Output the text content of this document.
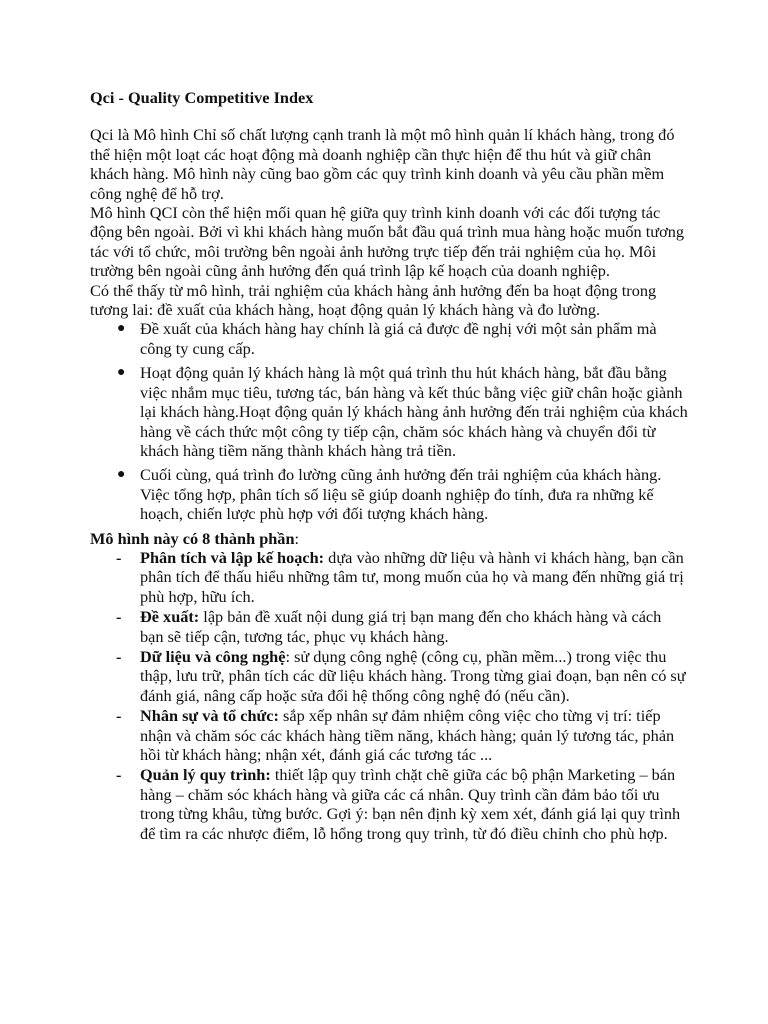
Qci - Quality Competitive Index

Qci là Mô hình Chỉ số chất lượng cạnh tranh là một mô hình quản lí khách hàng, trong đó thể hiện một loạt các hoạt động mà doanh nghiệp cần thực hiện để thu hút và giữ chân khách hàng. Mô hình này cũng bao gồm các quy trình kinh doanh và yêu cầu phần mềm công nghệ để hỗ trợ.

Mô hình QCI còn thể hiện mối quan hệ giữa quy trình kinh doanh với các đối tượng tác động bên ngoài. Bởi vì khi khách hàng muốn bắt đầu quá trình mua hàng hoặc muốn tương tác với tổ chức, môi trường bên ngoài ảnh hưởng trực tiếp đến trải nghiệm của họ. Môi trường bên ngoài cũng ảnh hưởng đến quá trình lập kế hoạch của doanh nghiệp.

Có thể thấy từ mô hình, trải nghiệm của khách hàng ảnh hưởng đến ba hoạt động trong tương lai: đề xuất của khách hàng, hoạt động quản lý khách hàng và đo lường.

● Đề xuất của khách hàng hay chính là giá cả được đề nghị với một sản phẩm mà công ty cung cấp.
● Hoạt động quản lý khách hàng là một quá trình thu hút khách hàng, bắt đầu bằng việc nhắm mục tiêu, tương tác, bán hàng và kết thúc bằng việc giữ chân hoặc giành lại khách hàng.Hoạt động quản lý khách hàng ảnh hưởng đến trải nghiệm của khách hàng về cách thức một công ty tiếp cận, chăm sóc khách hàng và chuyển đổi từ khách hàng tiềm năng thành khách hàng trả tiền.
● Cuối cùng, quá trình đo lường cũng ảnh hưởng đến trải nghiệm của khách hàng. Việc tổng hợp, phân tích số liệu sẽ giúp doanh nghiệp đo tính, đưa ra những kế hoạch, chiến lược phù hợp với đối tượng khách hàng.
Mô hình này có 8 thành phần:
- Phân tích và lập kế hoạch: dựa vào những dữ liệu và hành vi khách hàng, bạn cần phân tích để thấu hiểu những tâm tư, mong muốn của họ và mang đến những giá trị phù hợp, hữu ích.
- Đề xuất: lập bản đề xuất nội dung giá trị bạn mang đến cho khách hàng và cách bạn sẽ tiếp cận, tương tác, phục vụ khách hàng.
- Dữ liệu và công nghệ: sử dụng công nghệ (công cụ, phần mềm...) trong việc thu thập, lưu trữ, phân tích các dữ liệu khách hàng. Trong từng giai đoạn, bạn nên có sự đánh giá, nâng cấp hoặc sửa đổi hệ thống công nghệ đó (nếu cần).
- Nhân sự và tổ chức: sắp xếp nhân sự đảm nhiệm công việc cho từng vị trí: tiếp nhận và chăm sóc các khách hàng tiềm năng, khách hàng; quản lý tương tác, phản hồi từ khách hàng; nhận xét, đánh giá các tương tác ...
- Quản lý quy trình: thiết lập quy trình chặt chẽ giữa các bộ phận Marketing – bán hàng – chăm sóc khách hàng và giữa các cá nhân. Quy trình cần đảm bảo tối ưu trong từng khâu, từng bước. Gợi ý: bạn nên định kỳ xem xét, đánh giá lại quy trình để tìm ra các nhược điểm, lỗ hổng trong quy trình, từ đó điều chỉnh cho phù hợp.
